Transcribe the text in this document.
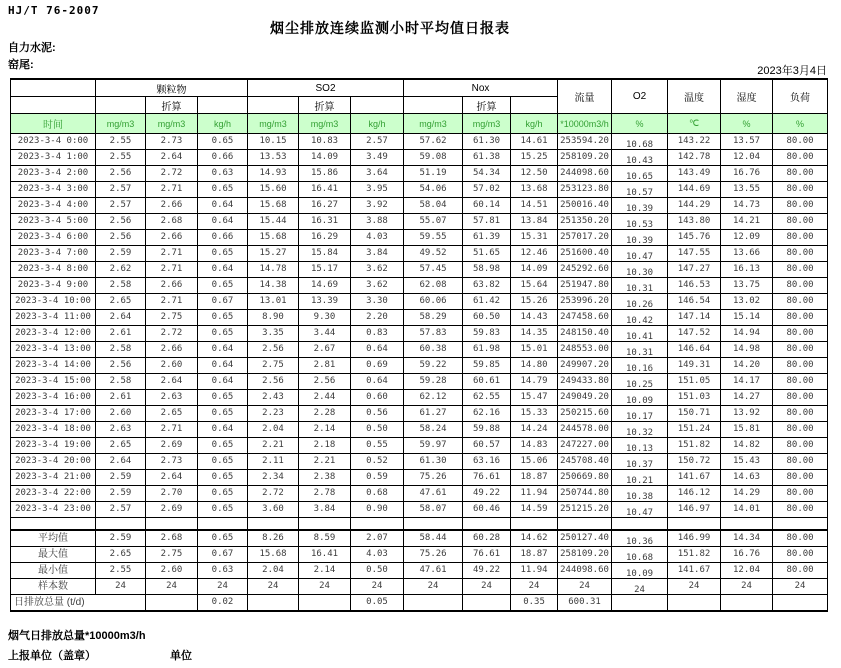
HJ/T 76-2007
烟尘排放连续监测小时平均值日报表
自力水泥:
窑尾:	2023年3月4日
	颗粒物			SO2			Nox			流量	O2	温度	湿度	负荷
		折算			折算			折算						
时间	mg/m3	mg/m3	kg/h	mg/m3	mg/m3	kg/h	mg/m3	mg/m3	kg/h	*10000m3/h	%	℃	%	%
2023-3-4 0:00	2.55	2.73	0.65	10.15	10.83	2.57	57.62	61.30	14.61	253594.20	10.68	143.22	13.57	80.00
2023-3-4 1:00	2.55	2.64	0.66	13.53	14.09	3.49	59.08	61.38	15.25	258109.20	10.43	142.78	12.04	80.00
2023-3-4 2:00	2.56	2.72	0.63	14.93	15.86	3.64	51.19	54.34	12.50	244098.60	10.65	143.49	16.76	80.00
2023-3-4 3:00	2.57	2.71	0.65	15.60	16.41	3.95	54.06	57.02	13.68	253123.80	10.57	144.69	13.55	80.00
2023-3-4 4:00	2.57	2.66	0.64	15.68	16.27	3.92	58.04	60.14	14.51	250016.40	10.39	144.29	14.73	80.00
2023-3-4 5:00	2.56	2.68	0.64	15.44	16.31	3.88	55.07	57.81	13.84	251350.20	10.53	143.80	14.21	80.00
2023-3-4 6:00	2.56	2.66	0.66	15.68	16.29	4.03	59.55	61.39	15.31	257017.20	10.39	145.76	12.09	80.00
2023-3-4 7:00	2.59	2.71	0.65	15.27	15.84	3.84	49.52	51.65	12.46	251600.40	10.47	147.55	13.66	80.00
2023-3-4 8:00	2.62	2.71	0.64	14.78	15.17	3.62	57.45	58.98	14.09	245292.60	10.30	147.27	16.13	80.00
2023-3-4 9:00	2.58	2.66	0.65	14.38	14.69	3.62	62.08	63.82	15.64	251947.80	10.31	146.53	13.75	80.00
2023-3-4 10:00	2.65	2.71	0.67	13.01	13.39	3.30	60.06	61.42	15.26	253996.20	10.26	146.54	13.02	80.00
2023-3-4 11:00	2.64	2.75	0.65	8.90	9.30	2.20	58.29	60.50	14.43	247458.60	10.42	147.14	15.14	80.00
2023-3-4 12:00	2.61	2.72	0.65	3.35	3.44	0.83	57.83	59.83	14.35	248150.40	10.41	147.52	14.94	80.00
2023-3-4 13:00	2.58	2.66	0.64	2.56	2.67	0.64	60.38	61.98	15.01	248553.00	10.31	146.64	14.98	80.00
2023-3-4 14:00	2.56	2.60	0.64	2.75	2.81	0.69	59.22	59.85	14.80	249907.20	10.16	149.31	14.20	80.00
2023-3-4 15:00	2.58	2.64	0.64	2.56	2.56	0.64	59.28	60.61	14.79	249433.80	10.25	151.05	14.17	80.00
2023-3-4 16:00	2.61	2.63	0.65	2.43	2.44	0.60	62.12	62.55	15.47	249049.20	10.09	151.03	14.27	80.00
2023-3-4 17:00	2.60	2.65	0.65	2.23	2.28	0.56	61.27	62.16	15.33	250215.60	10.17	150.71	13.92	80.00
2023-3-4 18:00	2.63	2.71	0.64	2.04	2.14	0.50	58.24	59.88	14.24	244578.00	10.32	151.24	15.81	80.00
2023-3-4 19:00	2.65	2.69	0.65	2.21	2.18	0.55	59.97	60.57	14.83	247227.00	10.13	151.82	14.82	80.00
2023-3-4 20:00	2.64	2.73	0.65	2.11	2.21	0.52	61.30	63.16	15.06	245708.40	10.37	150.72	15.43	80.00
2023-3-4 21:00	2.59	2.64	0.65	2.34	2.38	0.59	75.26	76.61	18.87	250669.80	10.21	141.67	14.63	80.00
2023-3-4 22:00	2.59	2.70	0.65	2.72	2.78	0.68	47.61	49.22	11.94	250744.80	10.38	146.12	14.29	80.00
2023-3-4 23:00	2.57	2.69	0.65	3.60	3.84	0.90	58.07	60.46	14.59	251215.20	10.47	146.97	14.01	80.00

平均值	2.59	2.68	0.65	8.26	8.59	2.07	58.44	60.28	14.62	250127.40	10.36	146.99	14.34	80.00
最大值	2.65	2.75	0.67	15.68	16.41	4.03	75.26	76.61	18.87	258109.20	10.68	151.82	16.76	80.00
最小值	2.55	2.60	0.63	2.04	2.14	0.50	47.61	49.22	11.94	244098.60	10.09	141.67	12.04	80.00
样本数	24	24	24	24	24	24	24	24	24	24	24	24	24	24
日排放总量 (t/d)			0.02			0.05			0.35	600.31				
烟气日排放总量*10000m3/h
上报单位（盖章）	单位
